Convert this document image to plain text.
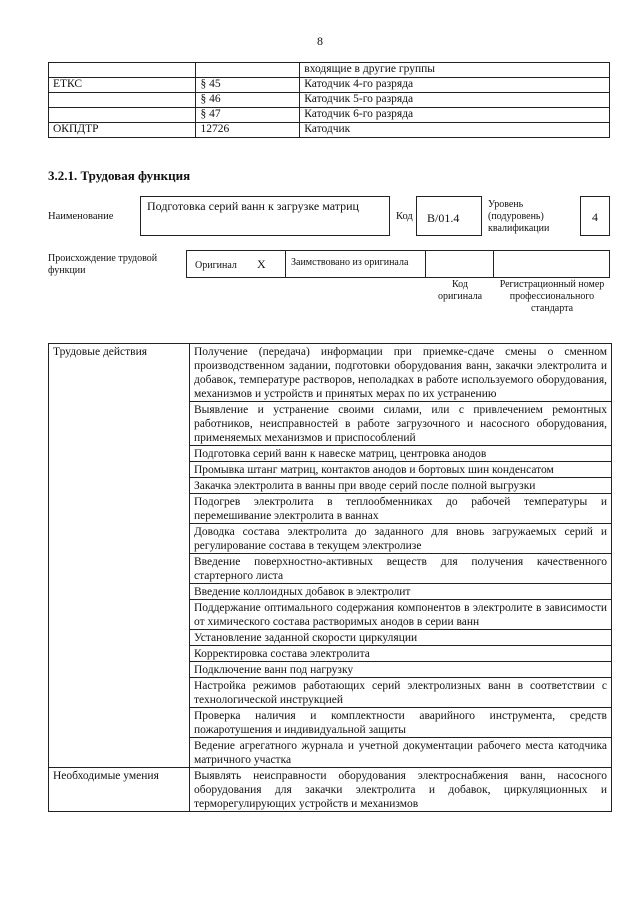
8
		входящие в другие группы
ЕТКС	§ 45	Катодчик 4-го разряда
	§ 46	Катодчик 5-го разряда
	§ 47	Катодчик 6-го разряда
ОКПДТР	12726	Катодчик
3.2.1. Трудовая функция
Наименование
Подготовка серий ванн к загрузке матриц
Код	В/01.4
Уровень (подуровень) квалификации
4
Происхождение трудовой функции	Оригинал X	Заимствовано из оригинала
Код оригинала
Регистрационный номер профессионального стандарта
Трудовые действия	Получение (передача) информации при приемке-сдаче смены о сменном производственном задании, подготовки оборудования ванн, закачки электролита и добавок, температуре растворов, неполадках в работе используемого оборудования, механизмов и устройств и принятых мерах по их устранению
	Выявление и устранение своими силами, или с привлечением ремонтных работников, неисправностей в работе загрузочного и насосного оборудования, применяемых механизмов и приспособлений
	Подготовка серий ванн к навеске матриц, центровка анодов
	Промывка штанг матриц, контактов анодов и бортовых шин конденсатом
	Закачка электролита в ванны при вводе серий после полной выгрузки
	Подогрев электролита в теплообменниках до рабочей температуры и перемешивание электролита в ваннах
	Доводка состава электролита до заданного для вновь загружаемых серий и регулирование состава в текущем электролизе
	Введение поверхностно-активных веществ для получения качественного стартерного листа
	Введение коллоидных добавок в электролит
	Поддержание оптимального содержания компонентов в электролите в зависимости от химического состава растворимых анодов в серии ванн
	Установление заданной скорости циркуляции
	Корректировка состава электролита
	Подключение ванн под нагрузку
	Настройка режимов работающих серий электролизных ванн в соответствии с технологической инструкцией
	Проверка наличия и комплектности аварийного инструмента, средств пожаротушения и индивидуальной защиты
	Ведение агрегатного журнала и учетной документации рабочего места катодчика матричного участка
Необходимые умения	Выявлять неисправности оборудования электроснабжения ванн, насосного оборудования для закачки электролита и добавок, циркуляционных и терморегулирующих устройств и механизмов
